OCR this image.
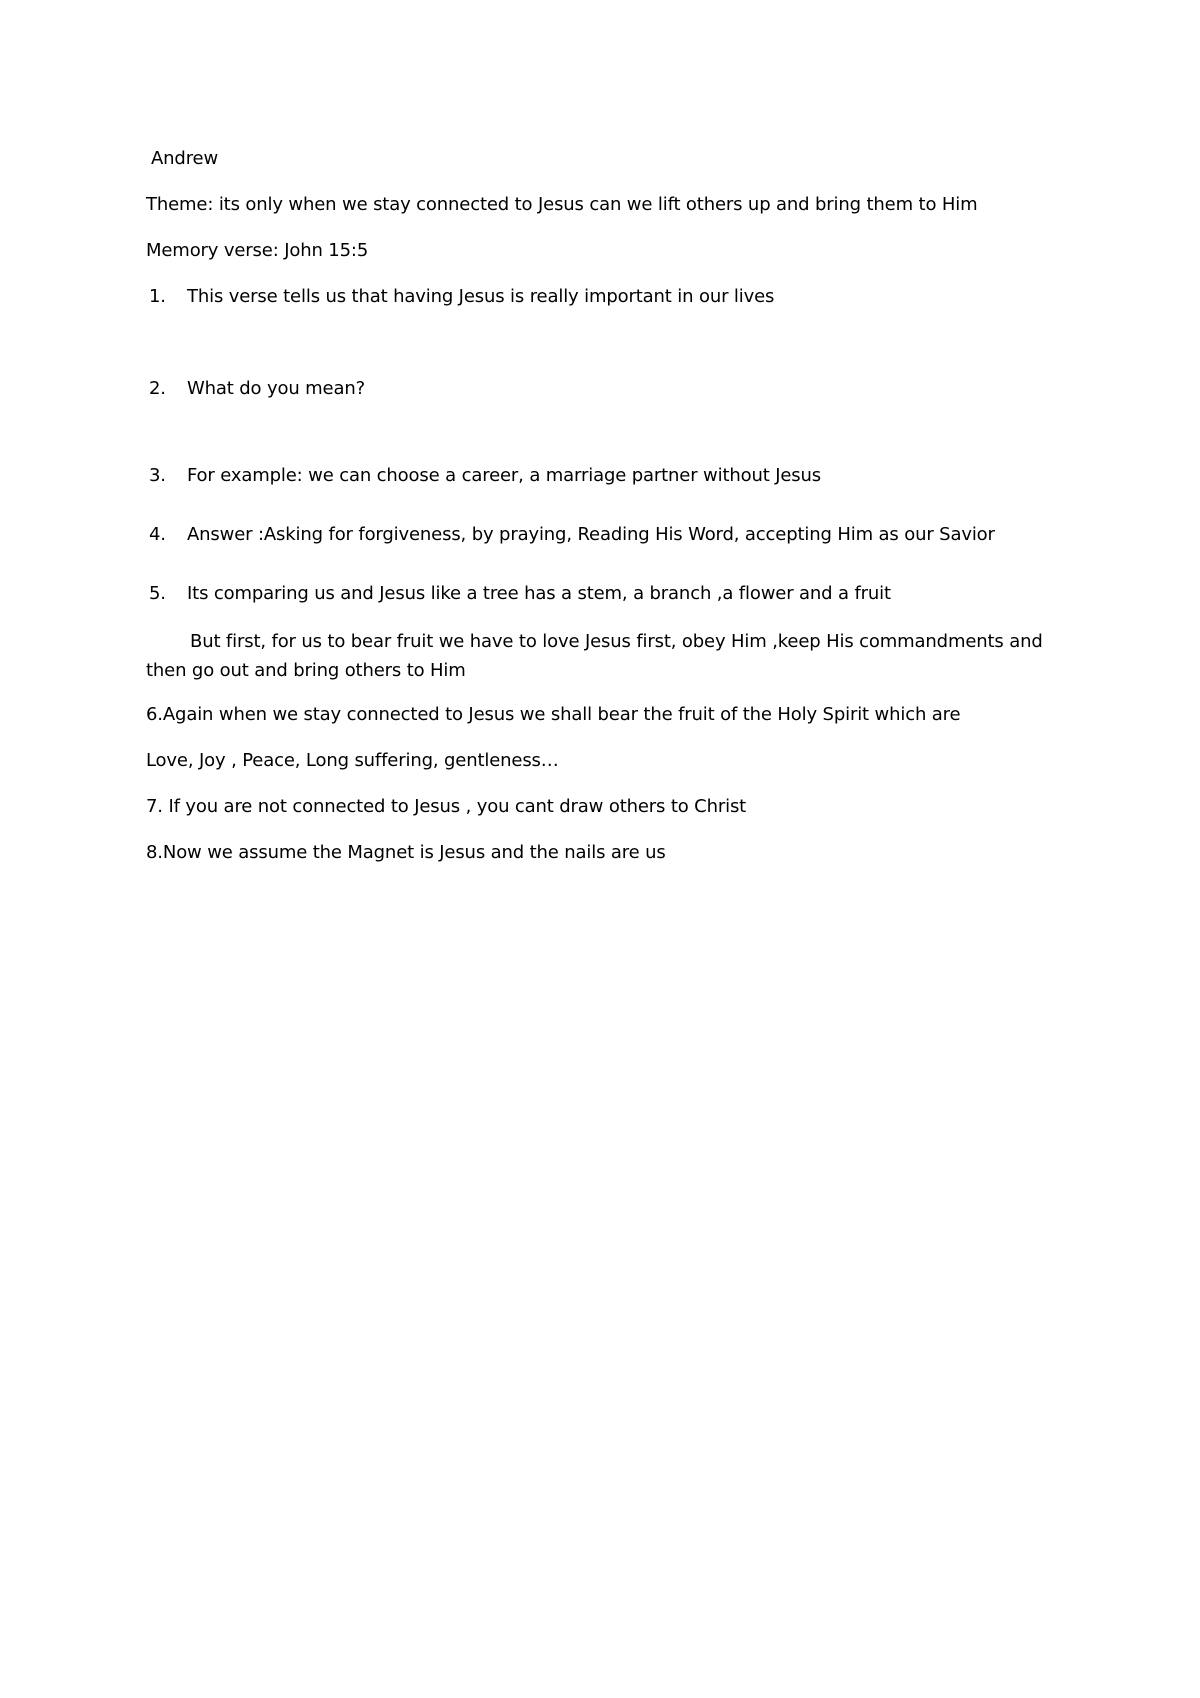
Andrew
Theme: its only when we stay connected to Jesus can we lift others up and bring them to Him
Memory verse: John 15:5
1.	This verse tells us that having Jesus is really important in our lives
2.	What do you mean?
3.	For example: we can choose a career, a marriage partner without Jesus
4.	Answer :Asking for forgiveness, by praying, Reading His Word, accepting Him as our Savior
5.	Its comparing us and Jesus like a tree has a stem, a branch ,a flower and a fruit
But first, for us to bear fruit we have to love Jesus first, obey Him ,keep His commandments and then go out and bring others to Him
6.Again when we stay connected to Jesus we shall bear the fruit of the Holy Spirit which are
Love, Joy , Peace, Long suffering, gentleness…
7. If you are not connected to Jesus , you cant draw others to Christ
8.Now we assume the Magnet is Jesus and the nails are us
